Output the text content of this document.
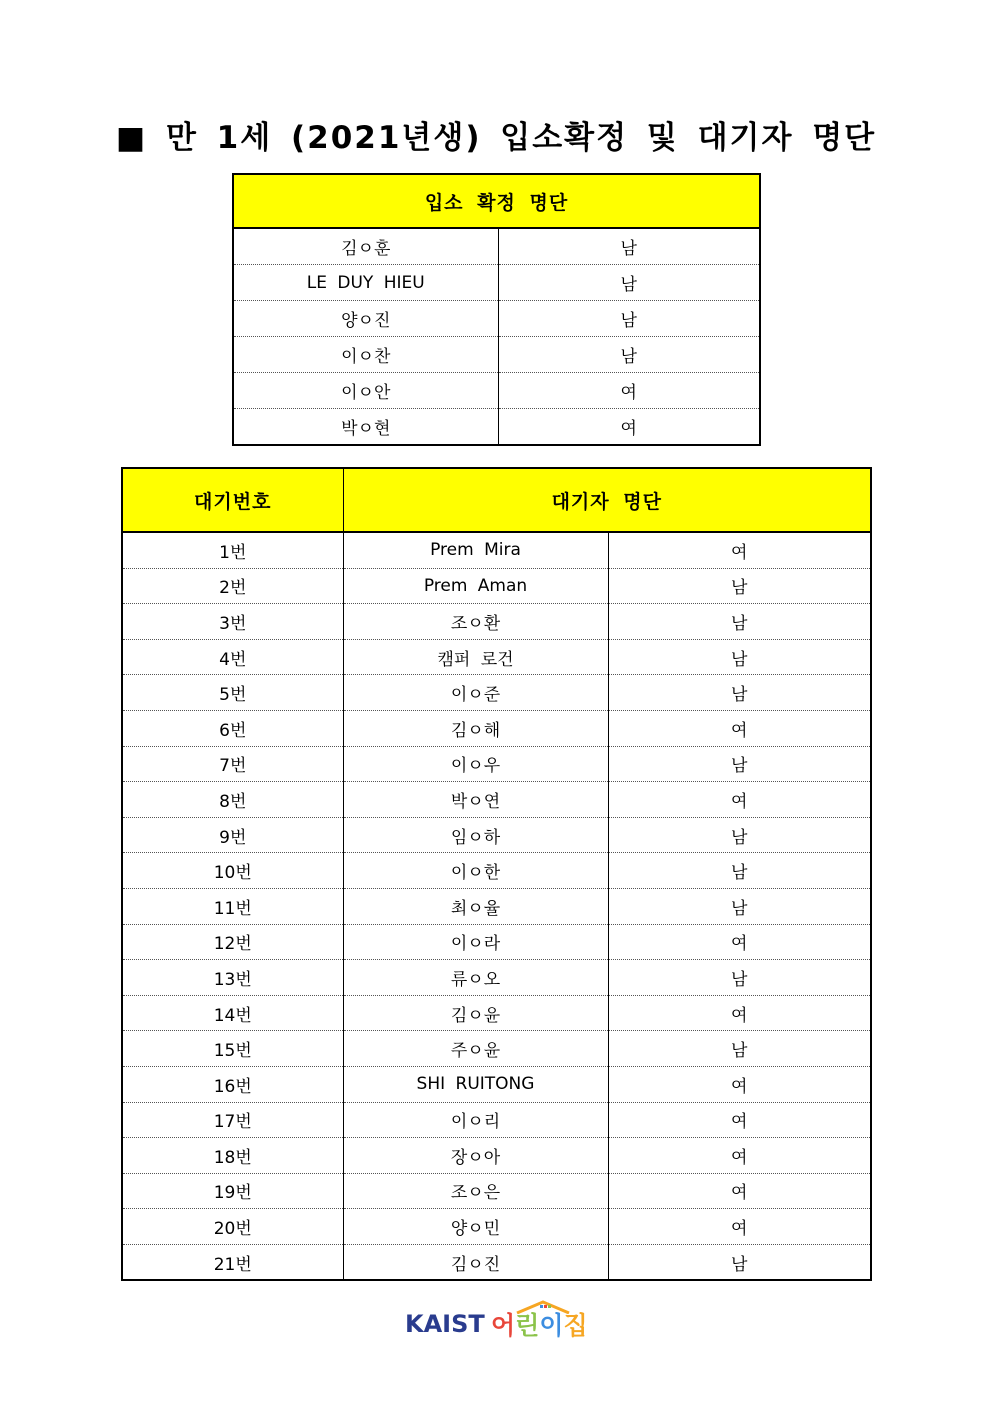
■ 만 1세 (2021년생) 입소확정 및 대기자 명단
입소 확정 명단	
김ㅇ훈	남
LE DUY HIEU	남
양ㅇ진	남
이ㅇ찬	남
이ㅇ안	여
박ㅇ현	여
대기번호	대기자 명단	
1번	Prem Mira	여
2번	Prem Aman	남
3번	조ㅇ환	남
4번	캠퍼 로건	남
5번	이ㅇ준	남
6번	김ㅇ해	여
7번	이ㅇ우	남
8번	박ㅇ연	여
9번	임ㅇ하	남
10번	이ㅇ한	남
11번	최ㅇ율	남
12번	이ㅇ라	여
13번	류ㅇ오	남
14번	김ㅇ윤	여
15번	주ㅇ윤	남
16번	SHI RUITONG	여
17번	이ㅇ리	여
18번	장ㅇ아	여
19번	조ㅇ은	여
20번	양ㅇ민	여
21번	김ㅇ진	남
KAIST 어린이집
